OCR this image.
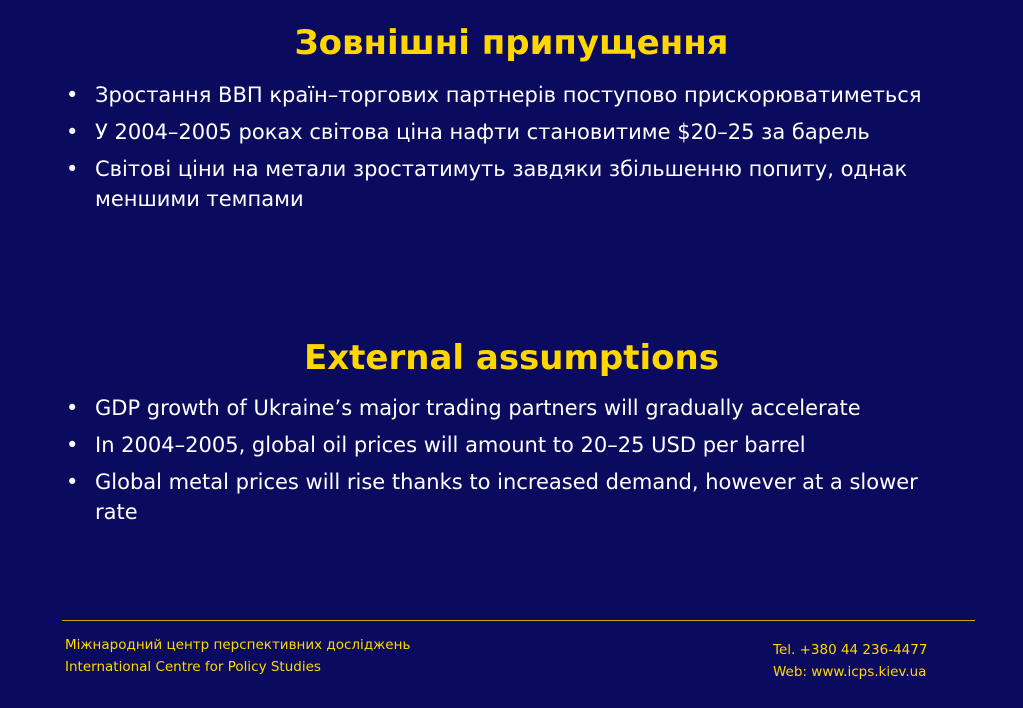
Зовнішні припущення
• Зростання ВВП країн–торгових партнерів поступово прискорюватиметься
• У 2004–2005 роках світова ціна нафти становитиме $20–25 за барель
• Світові ціни на метали зростатимуть завдяки збільшенню попиту, однак меншими темпами
External assumptions
• GDP growth of Ukraine’s major trading partners will gradually accelerate
• In 2004–2005, global oil prices will amount to 20–25 USD per barrel
• Global metal prices will rise thanks to increased demand, however at a slower rate
Міжнародний центр перспективних досліджень
International Centre for Policy Studies
Tel. +380 44 236-4477
Web: www.icps.kiev.ua
